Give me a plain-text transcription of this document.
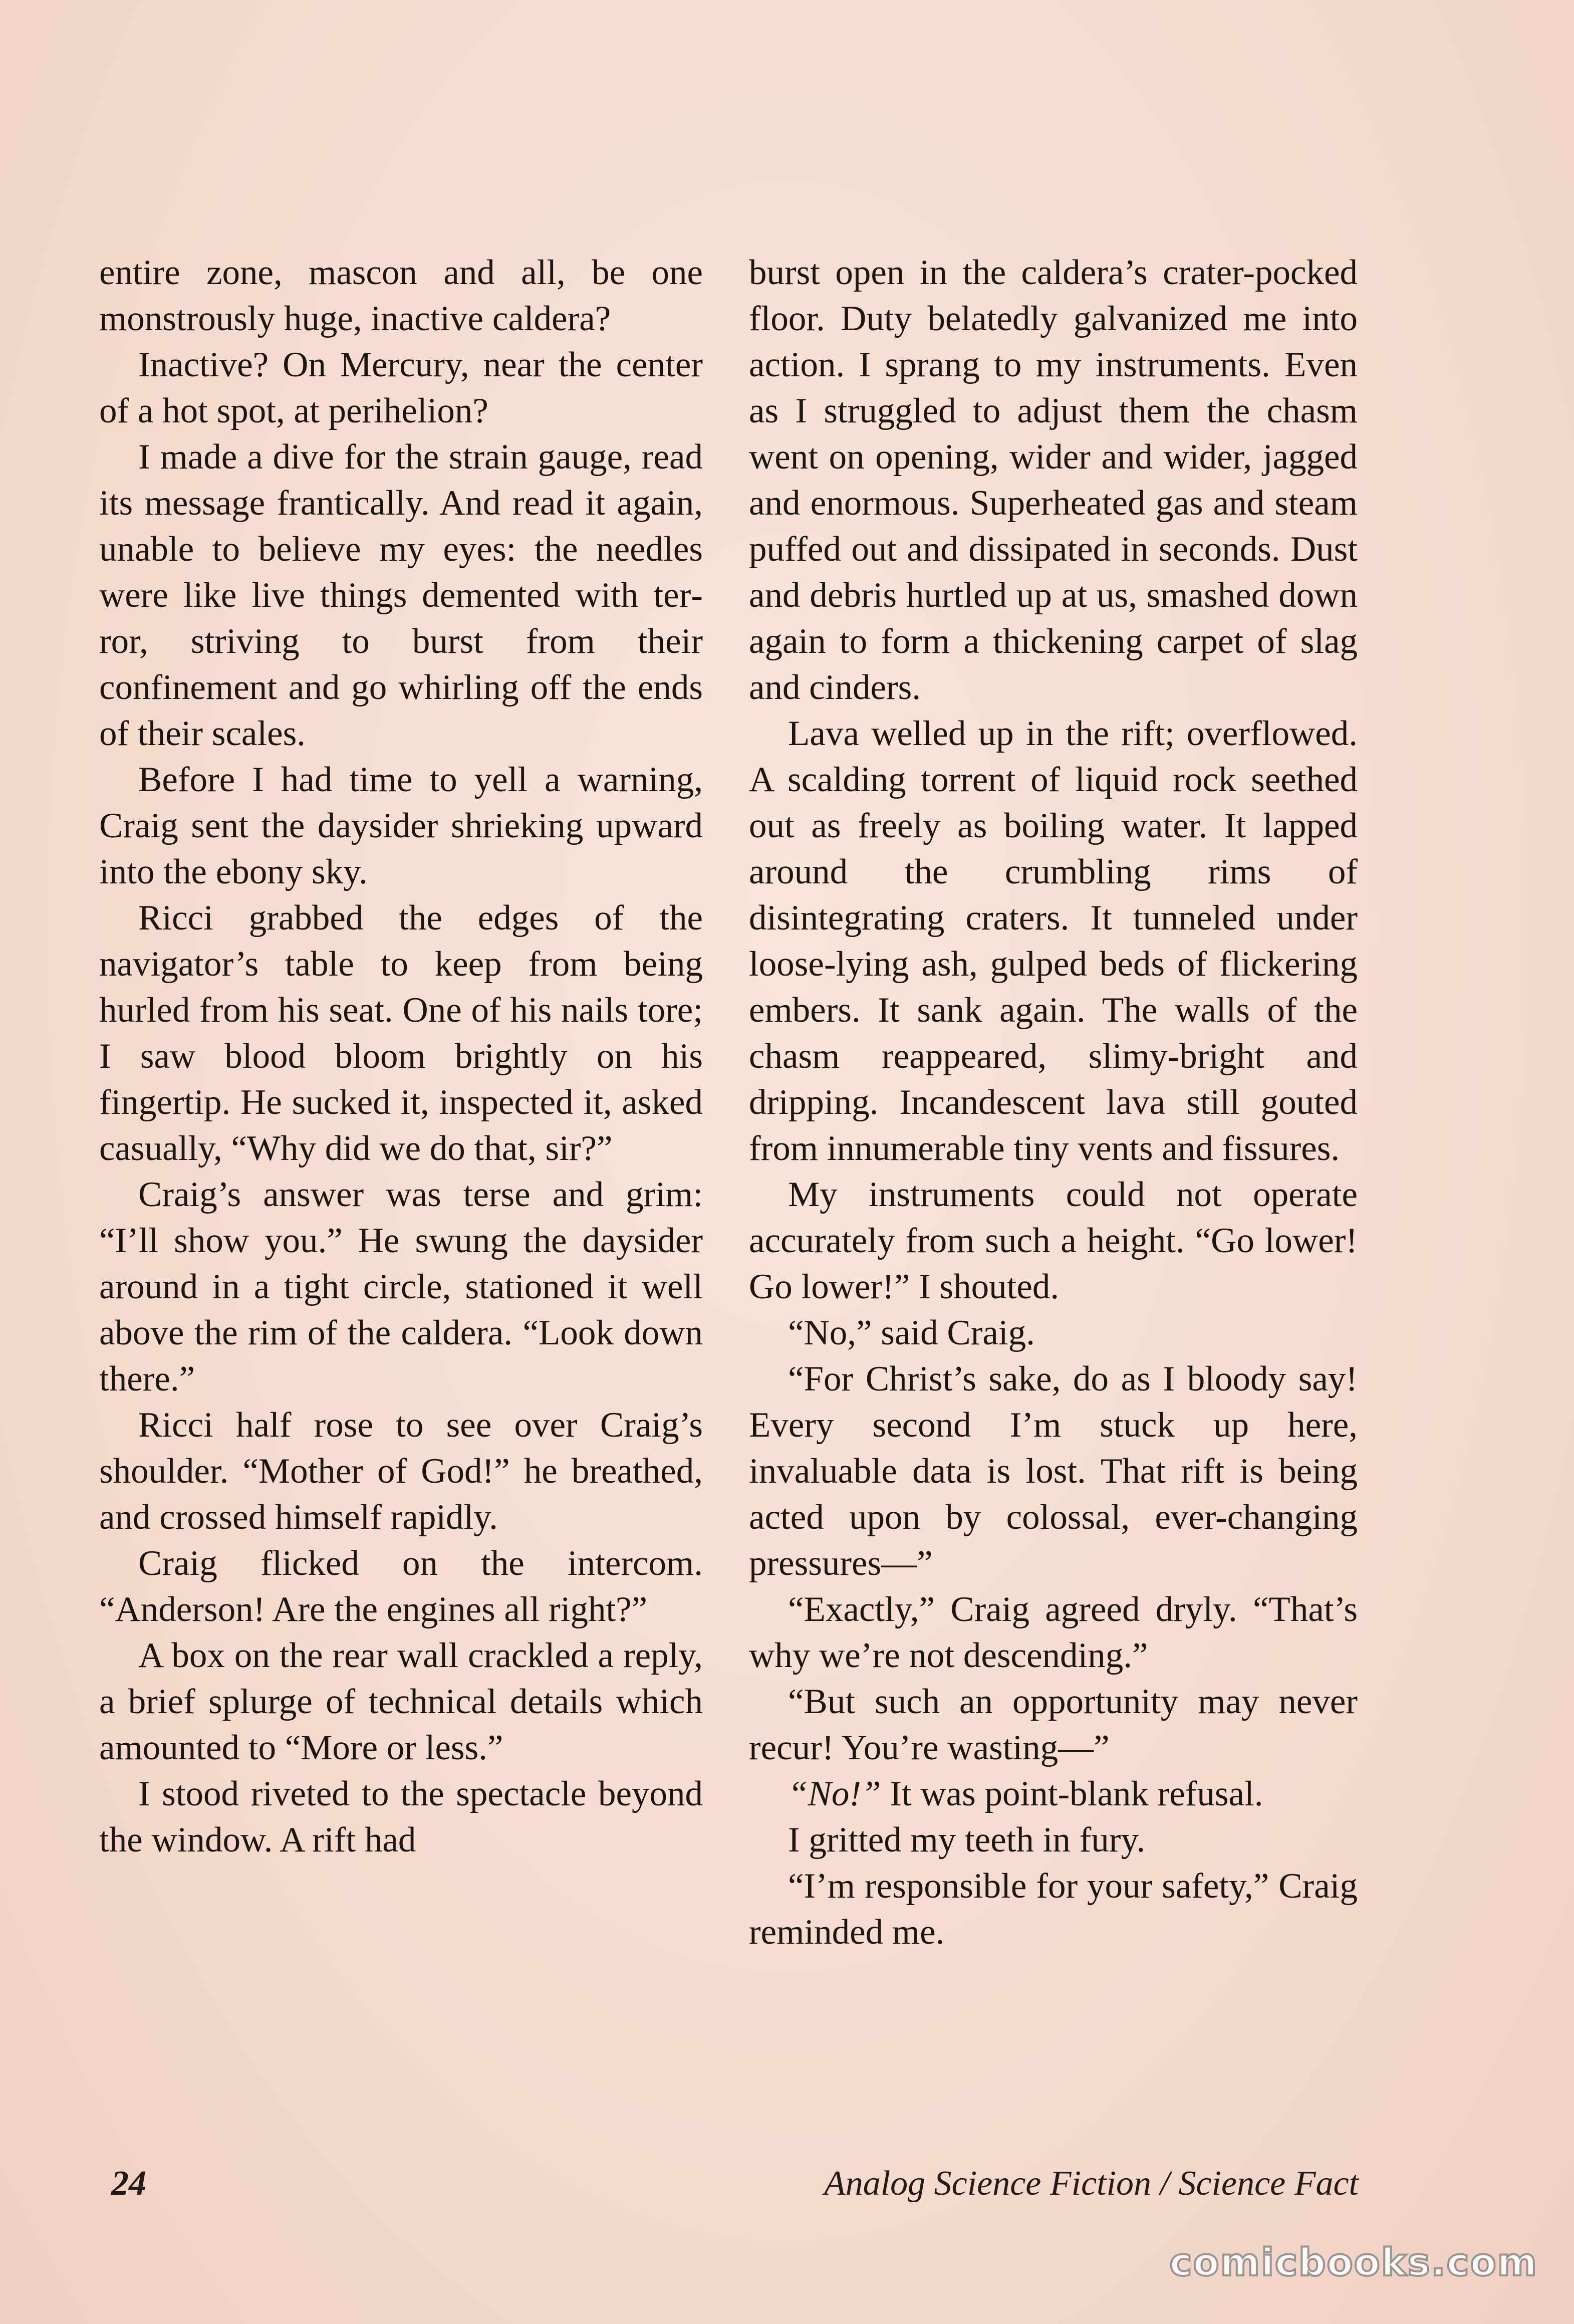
entire zone, mascon and all, be one monstrously huge, inactive caldera?

Inactive? On Mercury, near the center of a hot spot, at perihelion?

I made a dive for the strain gauge, read its message frantically. And read it again, unable to believe my eyes: the needles were like live things demented with terror, striving to burst from their confinement and go whirling off the ends of their scales.

Before I had time to yell a warning, Craig sent the daysider shrieking upward into the ebony sky.

Ricci grabbed the edges of the navigator’s table to keep from being hurled from his seat. One of his nails tore; I saw blood bloom brightly on his fingertip. He sucked it, inspected it, asked casually, “Why did we do that, sir?”

Craig’s answer was terse and grim: “I’ll show you.” He swung the daysider around in a tight circle, stationed it well above the rim of the caldera. “Look down there.”

Ricci half rose to see over Craig’s shoulder. “Mother of God!” he breathed, and crossed himself rapidly.

Craig flicked on the intercom. “Anderson! Are the engines all right?”

A box on the rear wall crackled a reply, a brief splurge of technical details which amounted to “More or less.”

I stood riveted to the spectacle beyond the window. A rift had

burst open in the caldera’s crater-pocked floor. Duty belatedly galvanized me into action. I sprang to my instruments. Even as I struggled to adjust them the chasm went on opening, wider and wider, jagged and enormous. Superheated gas and steam puffed out and dissipated in seconds. Dust and debris hurtled up at us, smashed down again to form a thickening carpet of slag and cinders.

Lava welled up in the rift; overflowed. A scalding torrent of liquid rock seethed out as freely as boiling water. It lapped around the crumbling rims of disintegrating craters. It tunneled under loose-lying ash, gulped beds of flickering embers. It sank again. The walls of the chasm reappeared, slimy-bright and dripping. Incandescent lava still gouted from innumerable tiny vents and fissures.

My instruments could not operate accurately from such a height. “Go lower! Go lower!” I shouted.

“No,” said Craig.

“For Christ’s sake, do as I bloody say! Every second I’m stuck up here, invaluable data is lost. That rift is being acted upon by colossal, ever-changing pressures—”

“Exactly,” Craig agreed dryly. “That’s why we’re not descending.”

“But such an opportunity may never recur! You’re wasting—”

“No!” It was point-blank refusal.

I gritted my teeth in fury.

“I’m responsible for your safety,” Craig reminded me.

24	Analog Science Fiction / Science Fact
comicbooks.com
